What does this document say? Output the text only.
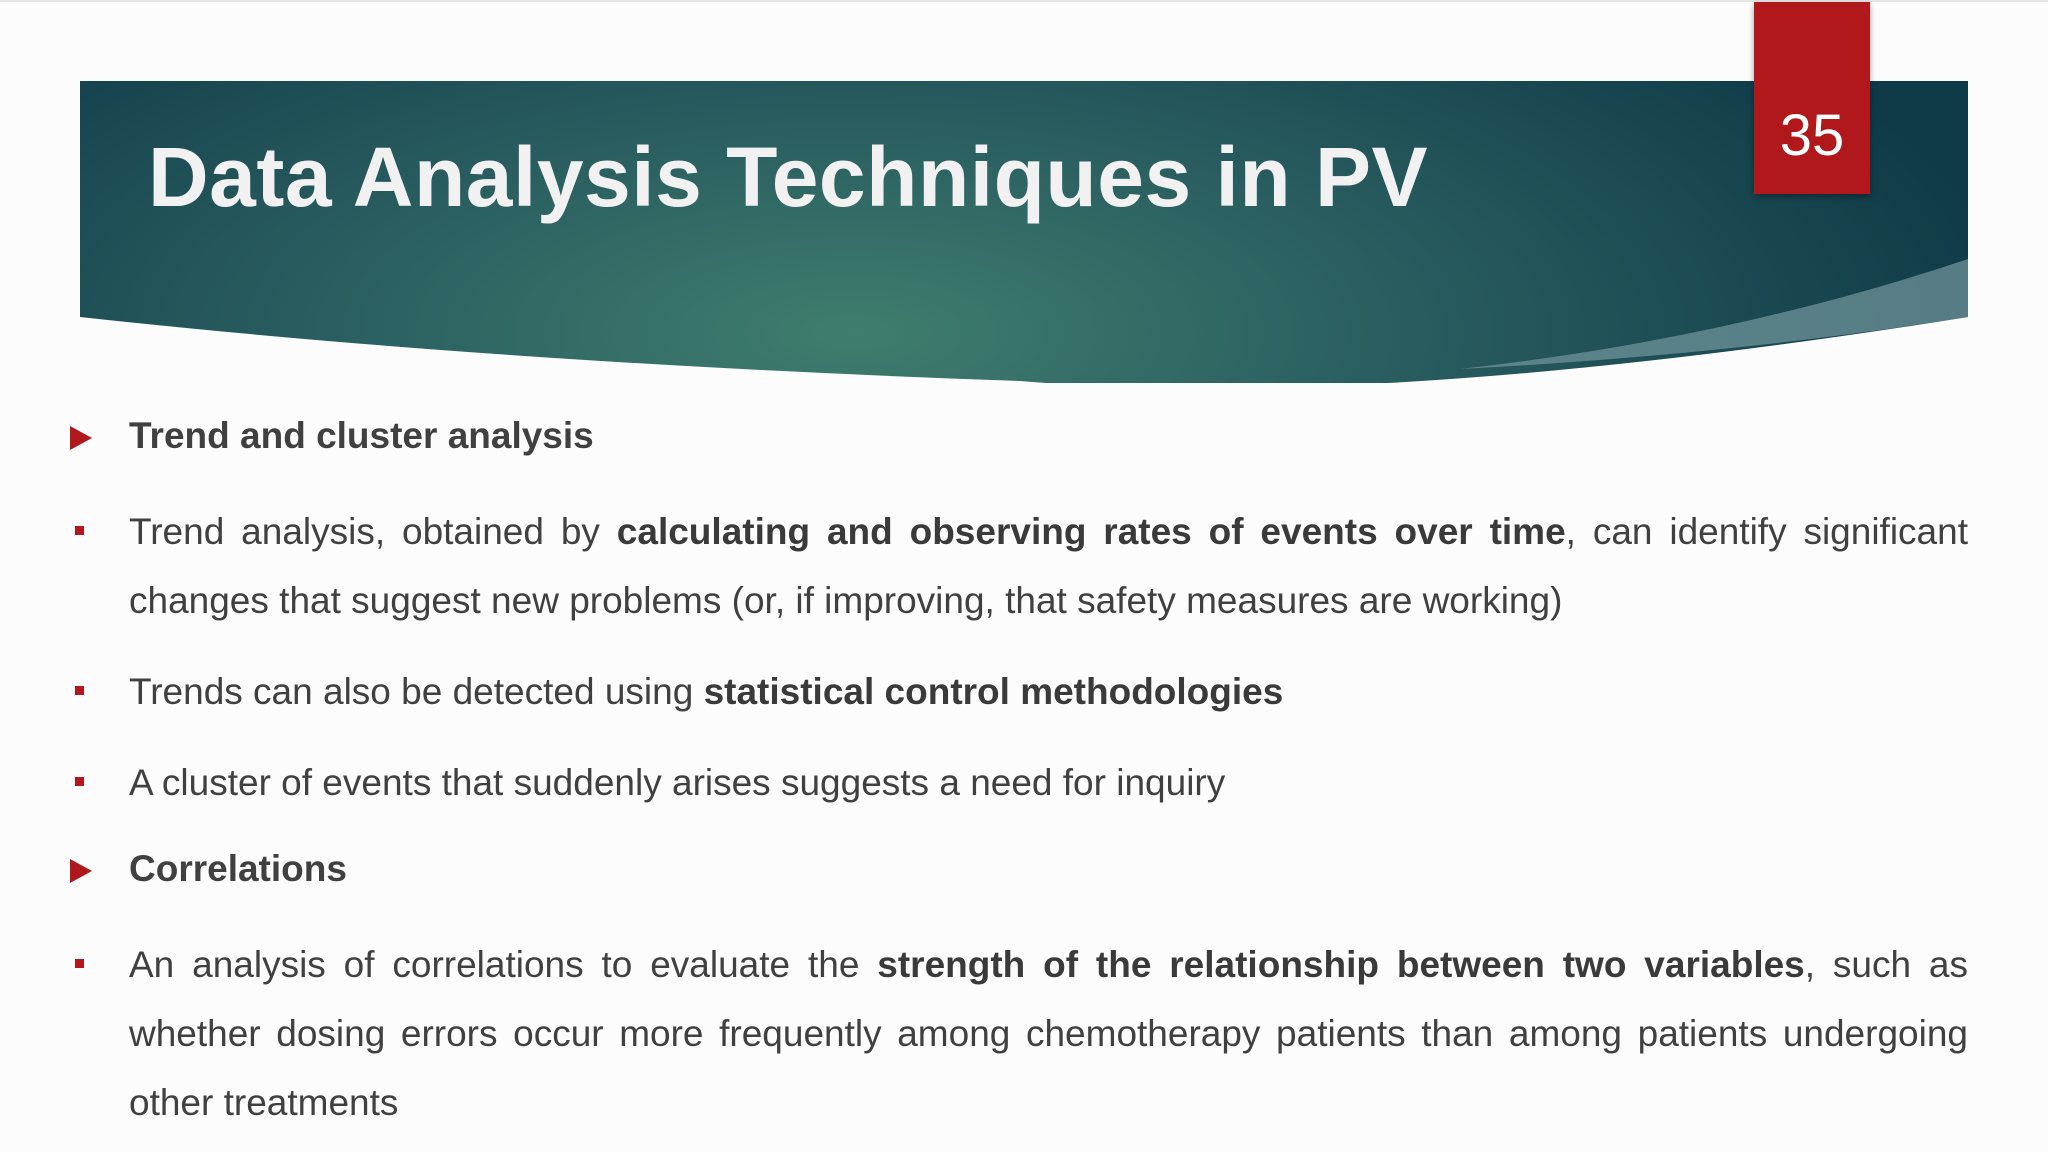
Data Analysis Techniques in PV	35
Trend and cluster analysis
Trend analysis, obtained by calculating and observing rates of events over time, can identify significant changes that suggest new problems (or, if improving, that safety measures are working)
Trends can also be detected using statistical control methodologies
A cluster of events that suddenly arises suggests a need for inquiry
Correlations
An analysis of correlations to evaluate the strength of the relationship between two variables, such as whether dosing errors occur more frequently among chemotherapy patients than among patients undergoing other treatments
